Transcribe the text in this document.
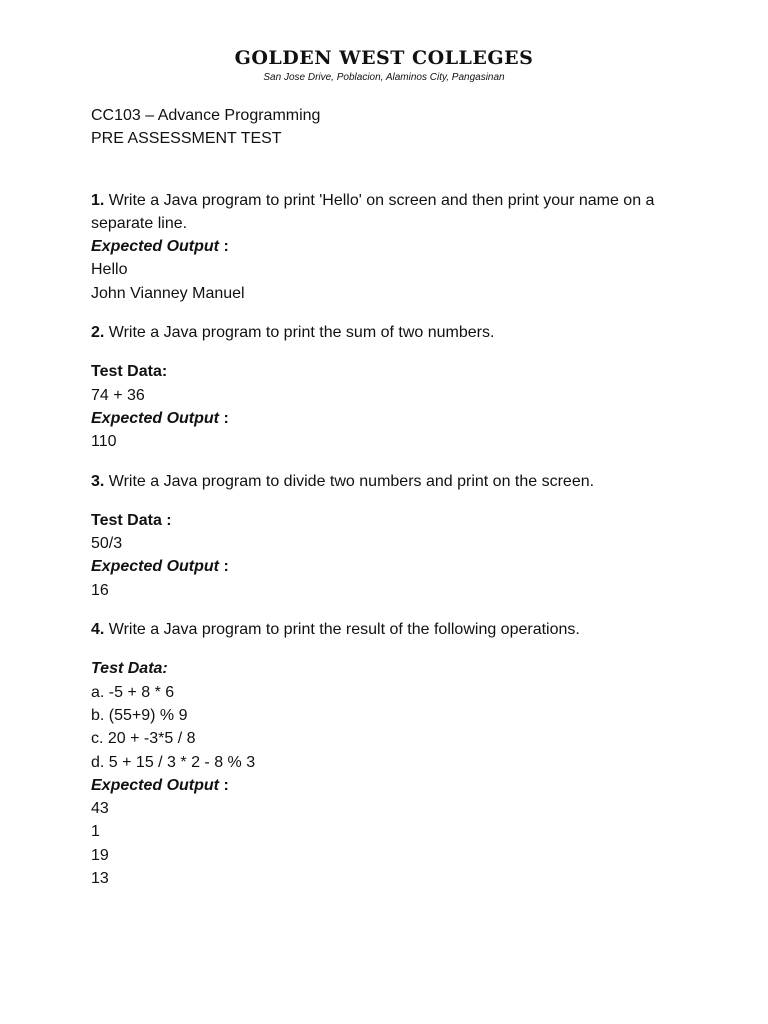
GOLDEN WEST COLLEGES
San Jose Drive, Poblacion, Alaminos City, Pangasinan

CC103 – Advance Programming

PRE ASSESSMENT TEST

1. Write a Java program to print 'Hello' on screen and then print your name on a

separate line.

Expected Output :

Hello

John Vianney Manuel

2. Write a Java program to print the sum of two numbers.

Test Data:

74 + 36

Expected Output :

110

3. Write a Java program to divide two numbers and print on the screen.

Test Data :

50/3

Expected Output :

16

4. Write a Java program to print the result of the following operations.

Test Data:

a. -5 + 8 * 6

b. (55+9) % 9

c. 20 + -3*5 / 8

d. 5 + 15 / 3 * 2 - 8 % 3

Expected Output :

43

1

19

13
